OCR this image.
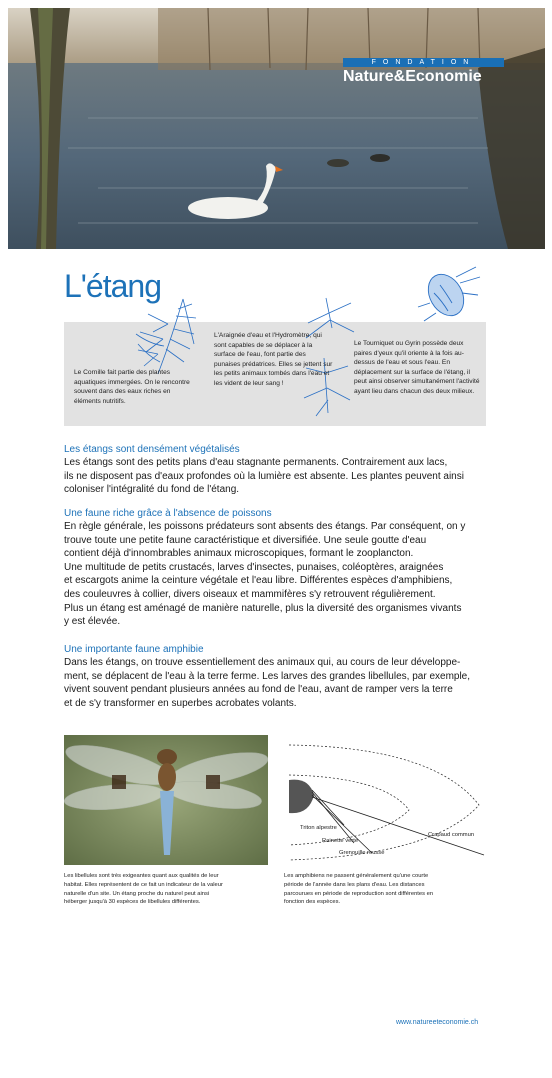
FONDATION
Nature&Economie
L'étang
Le Cornille fait partie des plantes aquatiques immergées. On le rencontre souvent dans des eaux riches en éléments nutritifs.
L'Araignée d'eau et l'Hydromètre, qui sont capables de se déplacer à la surface de l'eau, font partie des punaises prédatrices. Elles se jettent sur les petits animaux tombés dans l'eau et les vident de leur sang !
Le Tourniquet ou Gyrin possède deux paires d'yeux qu'il oriente à la fois au-dessus de l'eau et sous l'eau. En déplacement sur la surface de l'étang, il peut ainsi observer simultanément l'activité ayant lieu dans chacun des deux milieux.
Les étangs sont densément végétalisés
Les étangs sont des petits plans d'eau stagnante permanents. Contrairement aux lacs,
ils ne disposent pas d'eaux profondes où la lumière est absente. Les plantes peuvent ainsi
coloniser l'intégralité du fond de l'étang.
Une faune riche grâce à l'absence de poissons
En règle générale, les poissons prédateurs sont absents des étangs. Par conséquent, on y
trouve toute une petite faune caractéristique et diversifiée. Une seule goutte d'eau
contient déjà d'innombrables animaux microscopiques, formant le zooplancton.
Une multitude de petits crustacés, larves d'insectes, punaises, coléoptères, araignées
et escargots anime la ceinture végétale et l'eau libre. Différentes espèces d'amphibiens,
des couleuvres à collier, divers oiseaux et mammifères s'y retrouvent régulièrement.
Plus un étang est aménagé de manière naturelle, plus la diversité des organismes vivants
y est élevée.
Une importante faune amphibie
Dans les étangs, on trouve essentiellement des animaux qui, au cours de leur développe-
ment, se déplacent de l'eau à la terre ferme. Les larves des grandes libellules, par exemple,
vivent souvent pendant plusieurs années au fond de l'eau, avant de ramper vers la terre
et de s'y transformer en superbes acrobates volants.
Triton alpestre
Rainette verte
Grenouille rousse
Crapaud commun
Les libellules sont très exigeantes quant aux qualités de leur
habitat. Elles représentent de ce fait un indicateur de la valeur
naturelle d'un site. Un étang proche du naturel peut ainsi
héberger jusqu'à 30 espèces de libellules différentes.
Les amphibiens ne passent généralement qu'une courte
période de l'année dans les plans d'eau. Les distances
parcourues en période de reproduction sont différentes en
fonction des espèces.
www.natureeteconomie.ch
